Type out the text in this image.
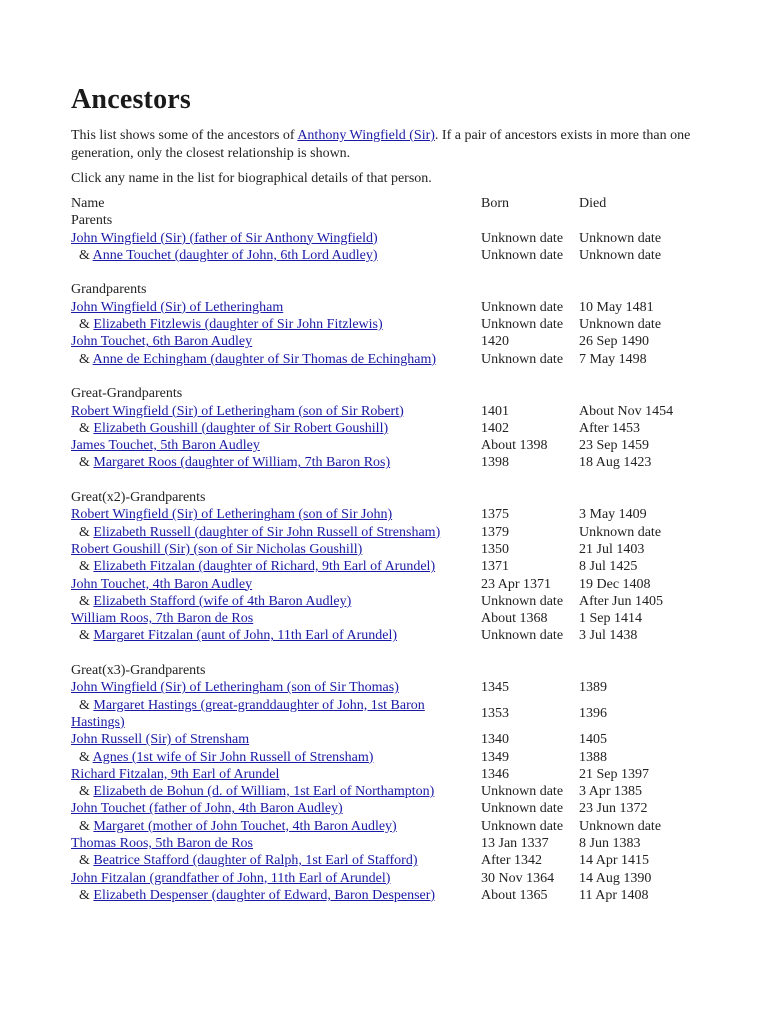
Ancestors

This list shows some of the ancestors of Anthony Wingfield (Sir). If a pair of ancestors exists in more than one generation, only the closest relationship is shown.

Click any name in the list for biographical details of that person.

Name	Born	Died
Parents		
John Wingfield (Sir) (father of Sir Anthony Wingfield)	Unknown date	Unknown date
& Anne Touchet (daughter of John, 6th Lord Audley)	Unknown date	Unknown date

Grandparents		
John Wingfield (Sir) of Letheringham	Unknown date	10 May 1481
& Elizabeth Fitzlewis (daughter of Sir John Fitzlewis)	Unknown date	Unknown date
John Touchet, 6th Baron Audley	1420	26 Sep 1490
& Anne de Echingham (daughter of Sir Thomas de Echingham)	Unknown date	7 May 1498

Great-Grandparents		
Robert Wingfield (Sir) of Letheringham (son of Sir Robert)	1401	About Nov 1454
& Elizabeth Goushill (daughter of Sir Robert Goushill)	1402	After 1453
James Touchet, 5th Baron Audley	About 1398	23 Sep 1459
& Margaret Roos (daughter of William, 7th Baron Ros)	1398	18 Aug 1423

Great(x2)-Grandparents		
Robert Wingfield (Sir) of Letheringham (son of Sir John)	1375	3 May 1409
& Elizabeth Russell (daughter of Sir John Russell of Strensham)	1379	Unknown date
Robert Goushill (Sir) (son of Sir Nicholas Goushill)	1350	21 Jul 1403
& Elizabeth Fitzalan (daughter of Richard, 9th Earl of Arundel)	1371	8 Jul 1425
John Touchet, 4th Baron Audley	23 Apr 1371	19 Dec 1408
& Elizabeth Stafford (wife of 4th Baron Audley)	Unknown date	After Jun 1405
William Roos, 7th Baron de Ros	About 1368	1 Sep 1414
& Margaret Fitzalan (aunt of John, 11th Earl of Arundel)	Unknown date	3 Jul 1438

Great(x3)-Grandparents		
John Wingfield (Sir) of Letheringham (son of Sir Thomas)	1345	1389
& Margaret Hastings (great-granddaughter of John, 1st Baron Hastings)	1353	1396
John Russell (Sir) of Strensham	1340	1405
& Agnes (1st wife of Sir John Russell of Strensham)	1349	1388
Richard Fitzalan, 9th Earl of Arundel	1346	21 Sep 1397
& Elizabeth de Bohun (d. of William, 1st Earl of Northampton)	Unknown date	3 Apr 1385
John Touchet (father of John, 4th Baron Audley)	Unknown date	23 Jun 1372
& Margaret (mother of John Touchet, 4th Baron Audley)	Unknown date	Unknown date
Thomas Roos, 5th Baron de Ros	13 Jan 1337	8 Jun 1383
& Beatrice Stafford (daughter of Ralph, 1st Earl of Stafford)	After 1342	14 Apr 1415
John Fitzalan (grandfather of John, 11th Earl of Arundel)	30 Nov 1364	14 Aug 1390
& Elizabeth Despenser (daughter of Edward, Baron Despenser)	About 1365	11 Apr 1408
